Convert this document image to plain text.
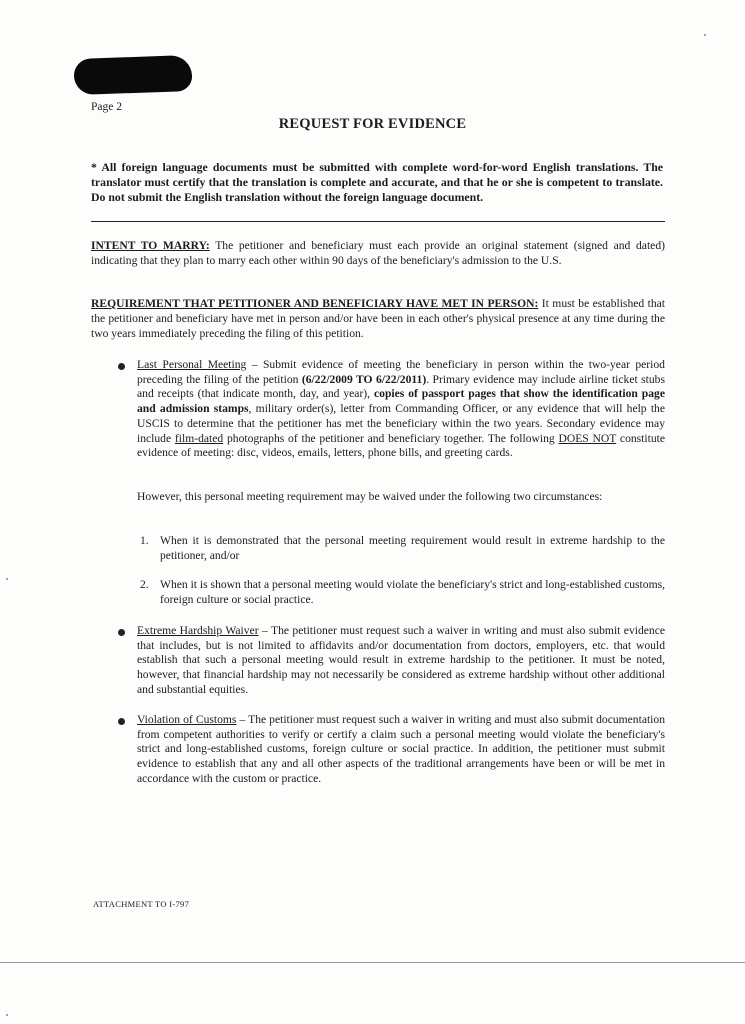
Page 2
REQUEST FOR EVIDENCE
* All foreign language documents must be submitted with complete word-for-word English translations. The translator must certify that the translation is complete and accurate, and that he or she is competent to translate. Do not submit the English translation without the foreign language document.
INTENT TO MARRY: The petitioner and beneficiary must each provide an original statement (signed and dated) indicating that they plan to marry each other within 90 days of the beneficiary's admission to the U.S.
REQUIREMENT THAT PETITIONER AND BENEFICIARY HAVE MET IN PERSON: It must be established that the petitioner and beneficiary have met in person and/or have been in each other's physical presence at any time during the two years immediately preceding the filing of this petition.
Last Personal Meeting – Submit evidence of meeting the beneficiary in person within the two-year period preceding the filing of the petition (6/22/2009 TO 6/22/2011). Primary evidence may include airline ticket stubs and receipts (that indicate month, day, and year), copies of passport pages that show the identification page and admission stamps, military order(s), letter from Commanding Officer, or any evidence that will help the USCIS to determine that the petitioner has met the beneficiary within the two years. Secondary evidence may include film-dated photographs of the petitioner and beneficiary together. The following DOES NOT constitute evidence of meeting: disc, videos, emails, letters, phone bills, and greeting cards.
However, this personal meeting requirement may be waived under the following two circumstances:
1. When it is demonstrated that the personal meeting requirement would result in extreme hardship to the petitioner, and/or
2. When it is shown that a personal meeting would violate the beneficiary's strict and long-established customs, foreign culture or social practice.
Extreme Hardship Waiver – The petitioner must request such a waiver in writing and must also submit evidence that includes, but is not limited to affidavits and/or documentation from doctors, employers, etc. that would establish that such a personal meeting would result in extreme hardship to the petitioner. It must be noted, however, that financial hardship may not necessarily be considered as extreme hardship without other additional and substantial equities.
Violation of Customs – The petitioner must request such a waiver in writing and must also submit documentation from competent authorities to verify or certify a claim such a personal meeting would violate the beneficiary's strict and long-established customs, foreign culture or social practice. In addition, the petitioner must submit evidence to establish that any and all other aspects of the traditional arrangements have been or will be met in accordance with the custom or practice.
ATTACHMENT TO I-797
